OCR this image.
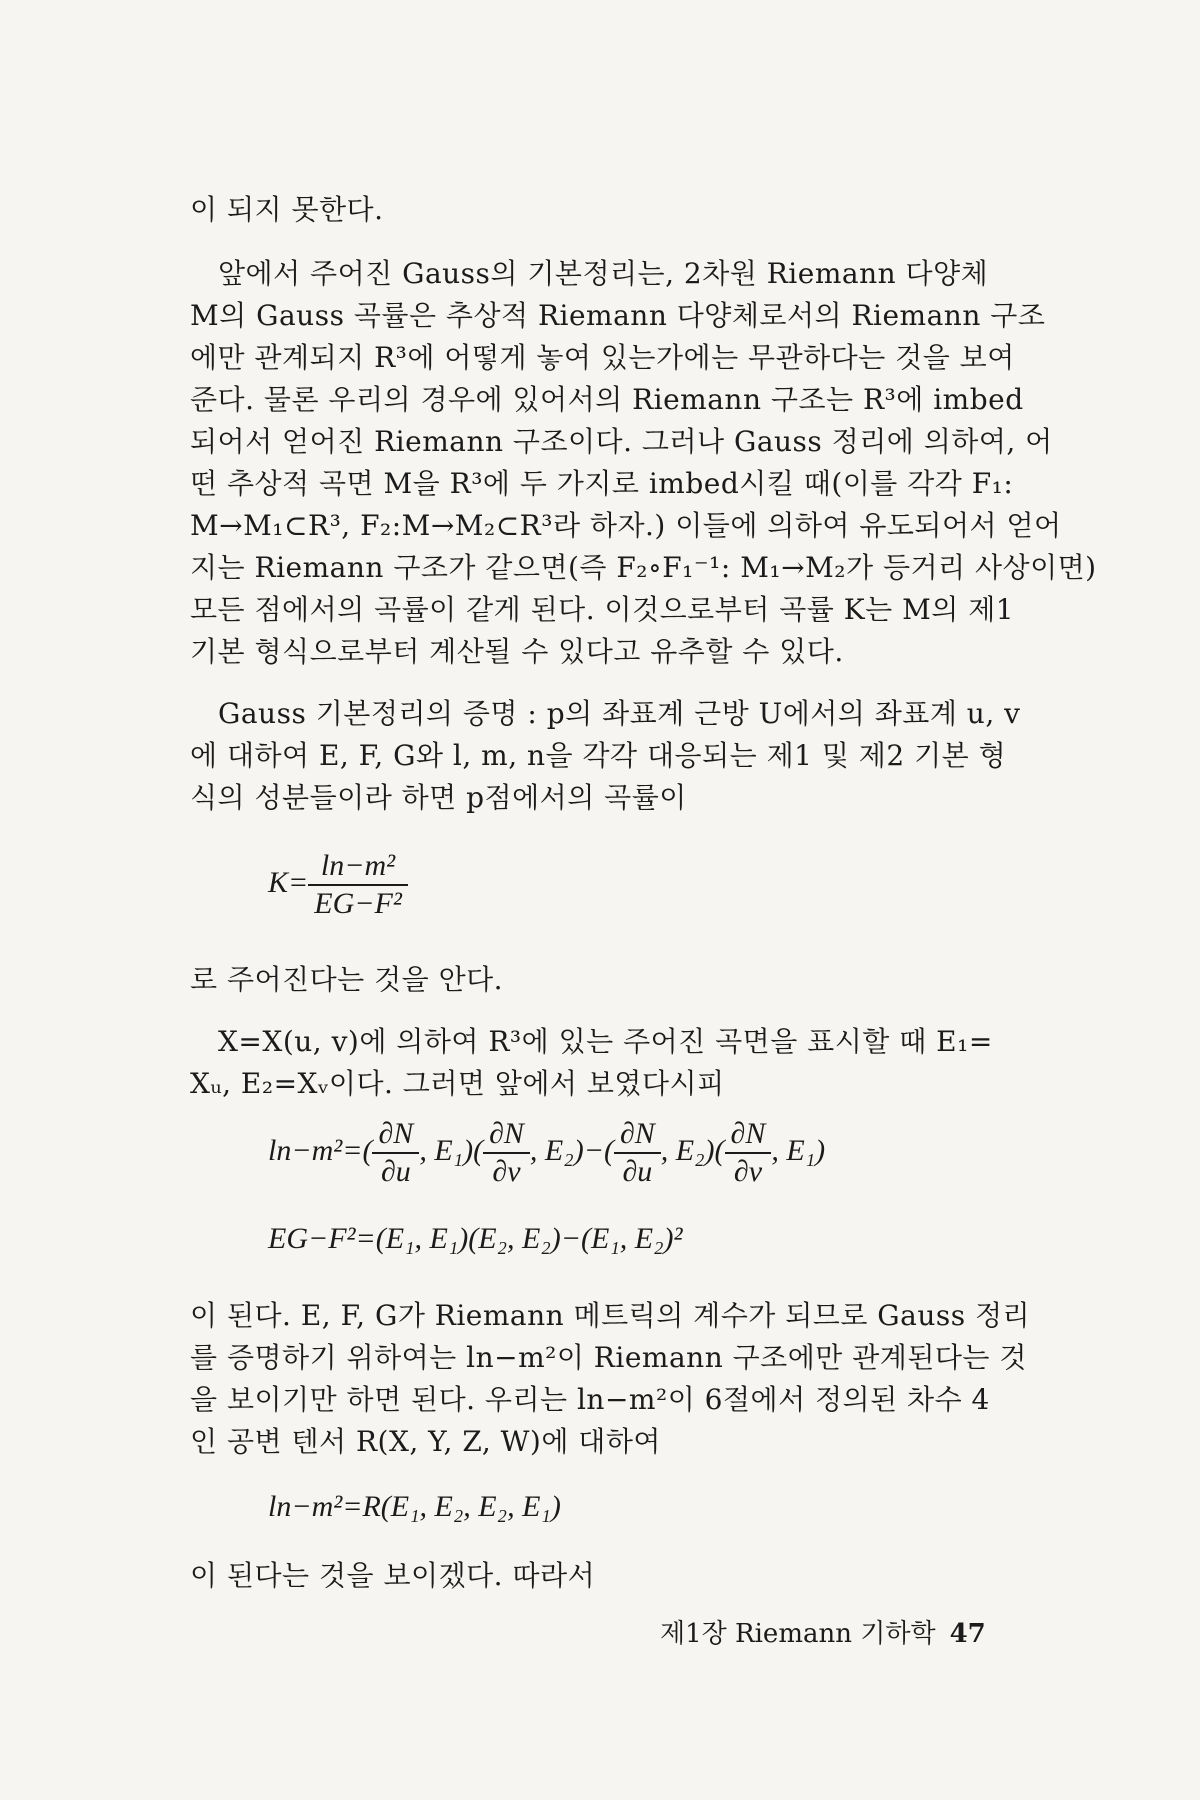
이 되지 못한다.
앞에서 주어진 Gauss의 기본정리는, 2차원 Riemann 다양체
M의 Gauss 곡률은 추상적 Riemann 다양체로서의 Riemann 구조
에만 관계되지 R³에 어떻게 놓여 있는가에는 무관하다는 것을 보여
준다. 물론 우리의 경우에 있어서의 Riemann 구조는 R³에 imbed
되어서 얻어진 Riemann 구조이다. 그러나 Gauss 정리에 의하여, 어
떤 추상적 곡면 M을 R³에 두 가지로 imbed시킬 때(이를 각각 F₁:
M→M₁⊂R³, F₂:M→M₂⊂R³라 하자.) 이들에 의하여 유도되어서 얻어
지는 Riemann 구조가 같으면(즉 F₂∘F₁⁻¹: M₁→M₂가 등거리 사상이면)
모든 점에서의 곡률이 같게 된다. 이것으로부터 곡률 K는 M의 제1
기본 형식으로부터 계산될 수 있다고 유추할 수 있다.
Gauss 기본정리의 증명 : p의 좌표계 근방 U에서의 좌표계 u, v
에 대하여 E, F, G와 l, m, n을 각각 대응되는 제1 및 제2 기본 형
식의 성분들이라 하면 p점에서의 곡률이
$K= \frac{\text{ln−m²}}{\text{EG−F²}}$
로 주어진다는 것을 안다.
X=X(u, v)에 의하여 R³에 있는 주어진 곡면을 표시할 때 E₁=
Xᵤ, E₂=Xᵥ이다. 그러면 앞에서 보였다시피
$\ln-m^2=( \frac{\partial N}{\partial u}$ , $E_1)( \frac{\partial N}{\partial v}$ , $E_2)-( \frac{\partial N}{\partial u}$ , $E_2)( \frac{\partial N}{\partial v}$ , E₁)
EG−F²=(E₁, E₁)(E₂, E₂)−(E₁, E₂)²
이 된다. E, F, G가 Riemann 메트릭의 계수가 되므로 Gauss 정리
를 증명하기 위하여는 ln−m²이 Riemann 구조에만 관계된다는 것
을 보이기만 하면 된다. 우리는 ln−m²이 6절에서 정의된 차수 4
인 공변 텐서 R(X, Y, Z, W)에 대하여
ln−m²=R(E₁, E₂, E₂, E₁)
이 된다는 것을 보이겠다. 따라서
제1장 Riemann 기하학 47
